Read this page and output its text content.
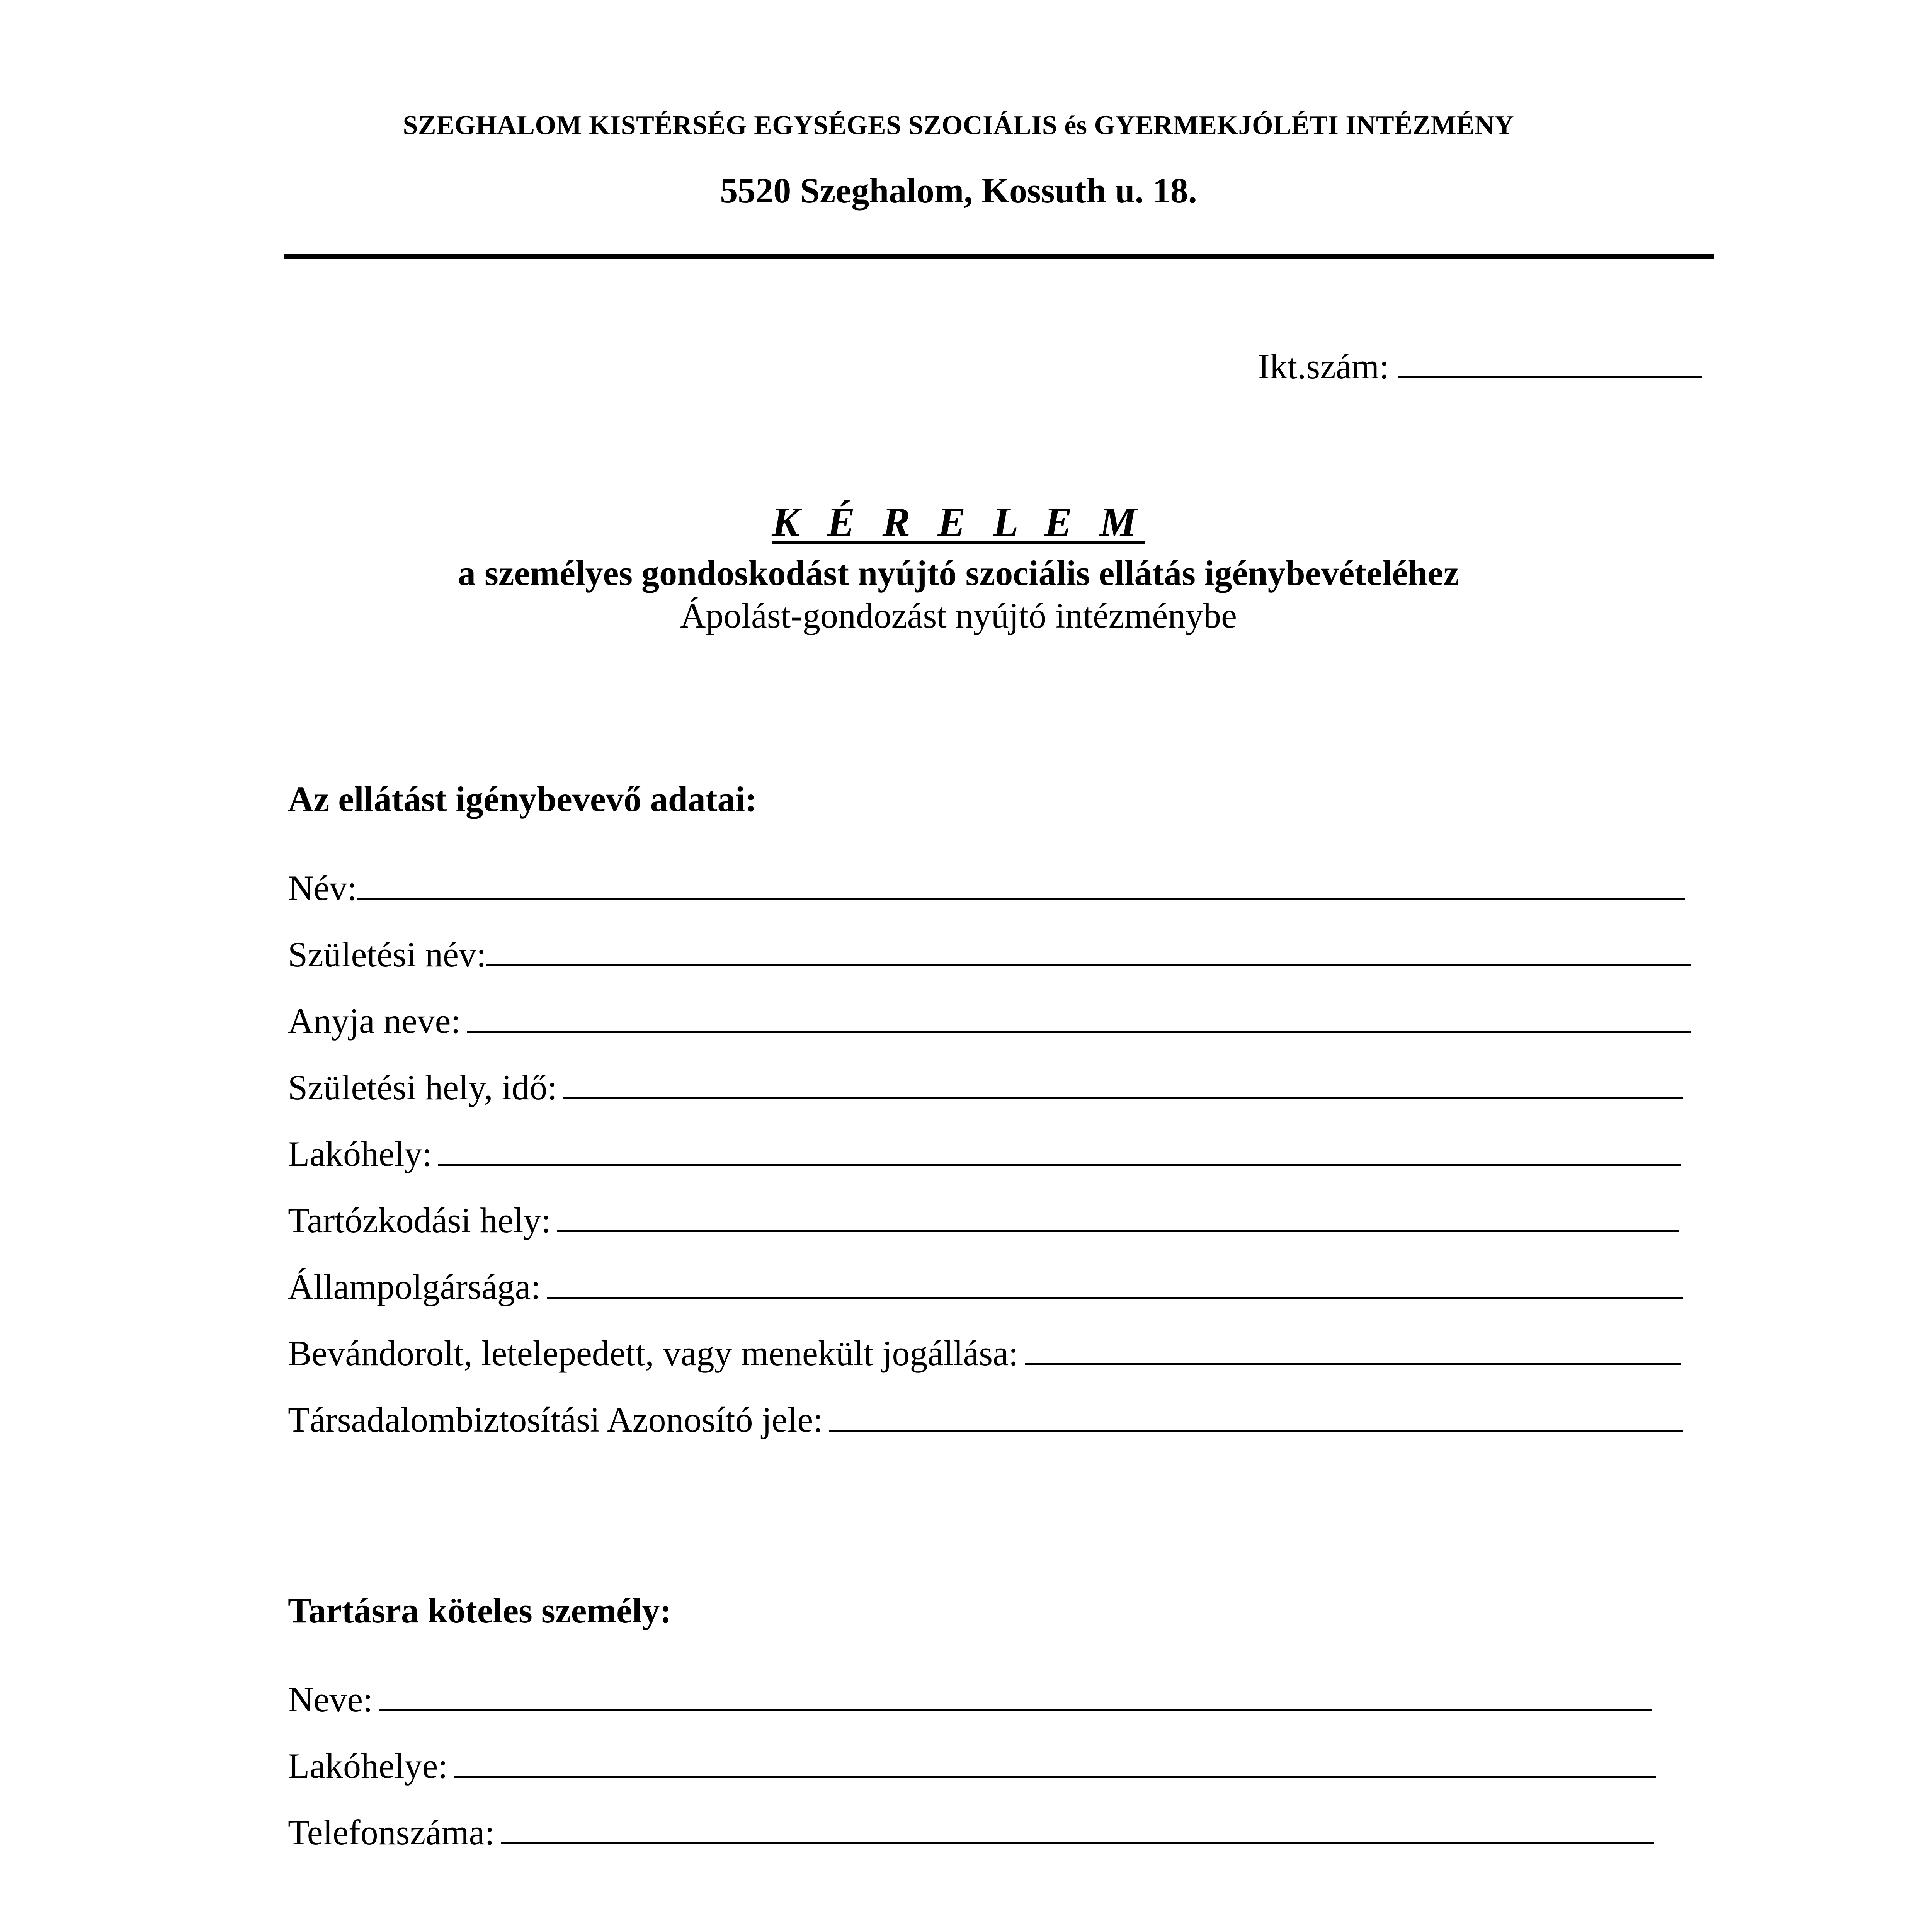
SZEGHALOM KISTÉRSÉG EGYSÉGES SZOCIÁLIS és GYERMEKJÓLÉTI INTÉZMÉNY
5520 Szeghalom, Kossuth u. 18.
Ikt.szám:
K É R E L E M
a személyes gondoskodást nyújtó szociális ellátás igénybevételéhez
Ápolást-gondozást nyújtó intézménybe
Az ellátást igénybevevő adatai:
Név:
Születési név:
Anyja neve:
Születési hely, idő:
Lakóhely:
Tartózkodási hely:
Állampolgársága:
Bevándorolt, letelepedett, vagy menekült jogállása:
Társadalombiztosítási Azonosító jele:
Tartásra köteles személy:
Neve:
Lakóhelye:
Telefonszáma:
